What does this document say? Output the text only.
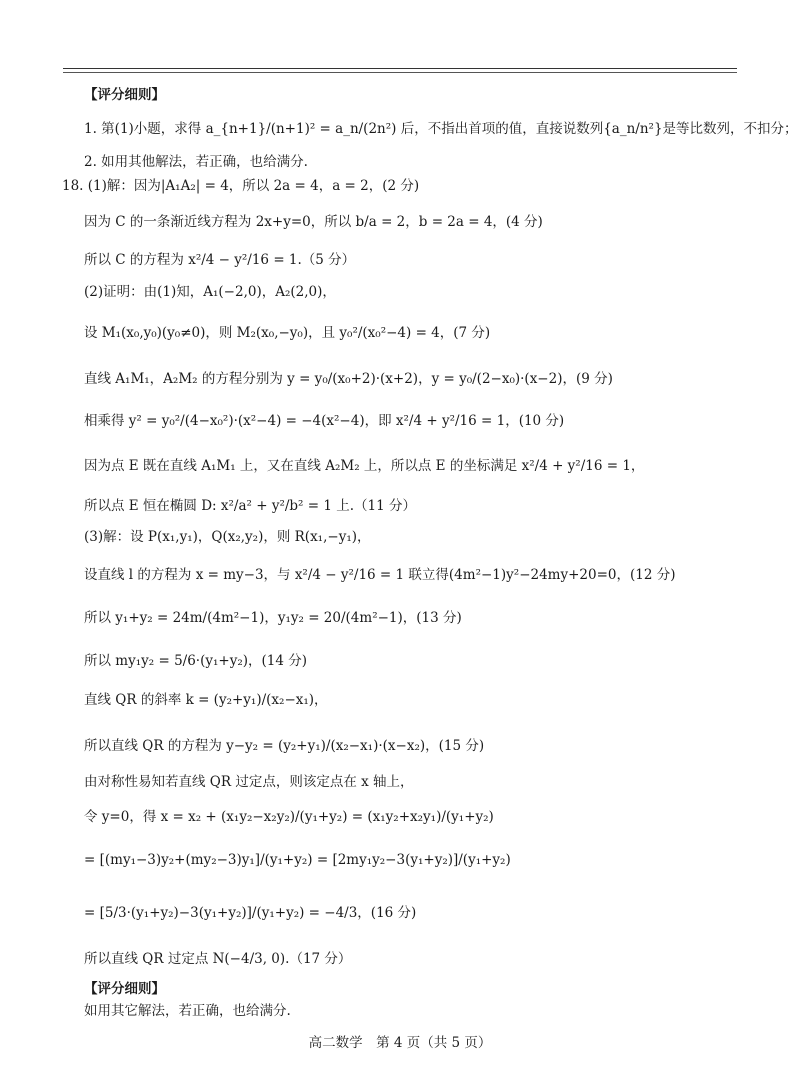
【评分细则】
1. 第(1)小题，求得 a_{n+1}/(n+1)² = a_n/(2n²) 后，不指出首项的值，直接说数列{a_n/n²}是等比数列，不扣分；
2. 如用其他解法，若正确，也给满分.
18. (1)解：因为|A₁A₂| = 4，所以 2a = 4，a = 2，(2 分)
因为 C 的一条渐近线方程为 2x+y=0，所以 b/a = 2，b = 2a = 4，(4 分)
所以 C 的方程为 x²/4 − y²/16 = 1.（5 分）
(2)证明：由(1)知，A₁(−2,0)，A₂(2,0)，
设 M₁(x₀,y₀)(y₀≠0)，则 M₂(x₀,−y₀)，且 y₀²/(x₀²−4) = 4，(7 分)
直线 A₁M₁，A₂M₂ 的方程分别为 y = y₀/(x₀+2)·(x+2)，y = y₀/(2−x₀)·(x−2)，(9 分)
相乘得 y² = y₀²/(4−x₀²)·(x²−4) = −4(x²−4)，即 x²/4 + y²/16 = 1，(10 分)
因为点 E 既在直线 A₁M₁ 上，又在直线 A₂M₂ 上，所以点 E 的坐标满足 x²/4 + y²/16 = 1，
所以点 E 恒在椭圆 D: x²/a² + y²/b² = 1 上.（11 分）
(3)解：设 P(x₁,y₁)，Q(x₂,y₂)，则 R(x₁,−y₁)，
设直线 l 的方程为 x = my−3，与 x²/4 − y²/16 = 1 联立得(4m²−1)y²−24my+20=0，(12 分)
所以 y₁+y₂ = 24m/(4m²−1)，y₁y₂ = 20/(4m²−1)，(13 分)
所以 my₁y₂ = 5/6·(y₁+y₂)，(14 分)
直线 QR 的斜率 k = (y₂+y₁)/(x₂−x₁)，
所以直线 QR 的方程为 y−y₂ = (y₂+y₁)/(x₂−x₁)·(x−x₂)，(15 分)
由对称性易知若直线 QR 过定点，则该定点在 x 轴上，
令 y=0，得 x = x₂ + (x₁y₂−x₂y₂)/(y₁+y₂) = (x₁y₂+x₂y₁)/(y₁+y₂)
= [(my₁−3)y₂+(my₂−3)y₁]/(y₁+y₂) = [2my₁y₂−3(y₁+y₂)]/(y₁+y₂)
= [5/3·(y₁+y₂)−3(y₁+y₂)]/(y₁+y₂) = −4/3，(16 分)
所以直线 QR 过定点 N(−4/3, 0).（17 分）
【评分细则】
如用其它解法，若正确，也给满分.
高二数学　第 4 页（共 5 页）
